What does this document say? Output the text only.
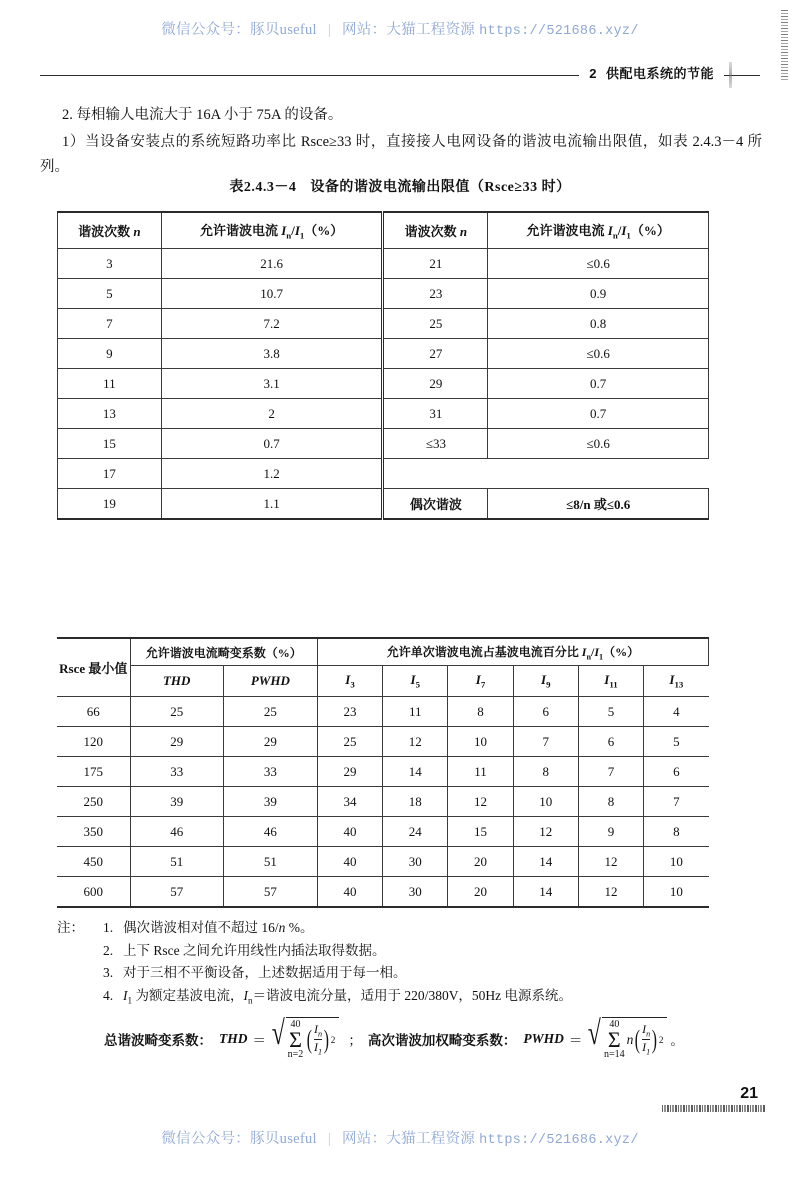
微信公众号：豚贝useful | 网站：大猫工程资源 https://521686.xyz/
2 供配电系统的节能
2. 每相输人电流大于 16A 小于 75A 的设备。
1）当设备安装点的系统短路功率比 Rsce≥33 时，直接接人电网设备的谐波电流输出限值，如表 2.4.3－4 所列。
表2.4.3－4 设备的谐波电流输出限值（Rsce≥33 时）
谐波次数 n	允许谐波电流 $I_n/I_1(\%)$	谐波次数 n	允许谐波电流 $I_n/I_1(\%)$
3	21.6	21	≤0.6
5	10.7	23	0.9
7	7.2	25	0.8
9	3.8	27	≤0.6
11	3.1	29	0.7
13	2	31	0.7
15	0.7	≤33	≤0.6
17	1.2		
19	1.1	偶次谐波	≤8/n 或≤0.6
Rsce 最小值	允许谐波电流畸变系数（%）		允许单次谐波电流占基波电流百分比 $I_n/I_1(\%)$					
	THD	PWHD	$I_3$	$I_5$	$I_7$	$I_9$	$I_{11}$	$I_{13}$
66	25	25	23	11	8	6	5	4
120	29	29	25	12	10	7	6	5
175	33	33	29	14	11	8	7	6
250	39	39	34	18	12	10	8	7
350	46	46	40	24	15	12	9	8
450	51	51	40	30	20	14	12	10
600	57	57	40	30	20	14	12	10
注： 1. 偶次谐波相对值不超过 16/n %。
2. 上下 Rsce 之间允许用线性内插法取得数据。
3. 对于三相不平衡设备，上述数据适用于每一相。
4. $I_1$ 为额定基波电流，$I_n=$谐波电流分量，适用于 220/380V，50Hz 电源系统。
总谐波畸变系数： THD ＝ √ 40
Σ
n=2
( $\frac{I_n}{I_1}$ ) 2 ； 高次谐波加权畸变系数： PWHD ＝ √ 40
Σ
n=14
n ( $\frac{I_n}{I_1}$ ) 2 。
21
微信公众号：豚贝useful | 网站：大猫工程资源 https://521686.xyz/
